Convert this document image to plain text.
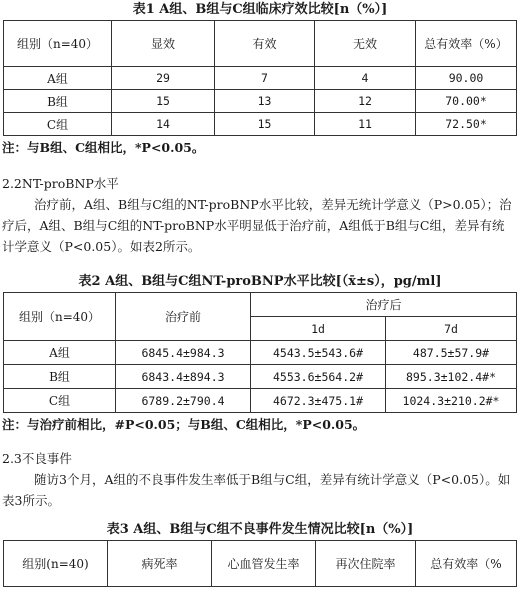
表1 A组、B组与C组临床疗效比较[n（%）]
组别（n=40）	显效	有效	无效	总有效率（%）
A组	29	7	4	90.00
B组	15	13	12	70.00*
C组	14	15	11	72.50*
注：与B组、C组相比，*P<0.05。
2.2NT-proBNP水平
治疗前，A组、B组与C组的NT-proBNP水平比较，差异无统计学意义（P>0.05）；治疗后，A组、B组与C组的NT-proBNP水平明显低于治疗前，A组低于B组与C组，差异有统计学意义（P<0.05）。如表2所示。
表2 A组、B组与C组NT-proBNP水平比较[（x̄±s），pg/ml]
组别（n=40）	治疗前	治疗后	
		1d	7d
A组	6845.4±984.3	4543.5±543.6#	487.5±57.9#
B组	6843.4±894.3	4553.6±564.2#	895.3±102.4#*
C组	6789.2±790.4	4672.3±475.1#	1024.3±210.2#*
注：与治疗前相比，#P<0.05；与B组、C组相比，*P<0.05。
2.3不良事件
随访3个月，A组的不良事件发生率低于B组与C组，差异有统计学意义（P<0.05）。如表3所示。
表3 A组、B组与C组不良事件发生情况比较[n（%）]
组别(n=40)	病死率	心血管发生率	再次住院率	总有效率（%
